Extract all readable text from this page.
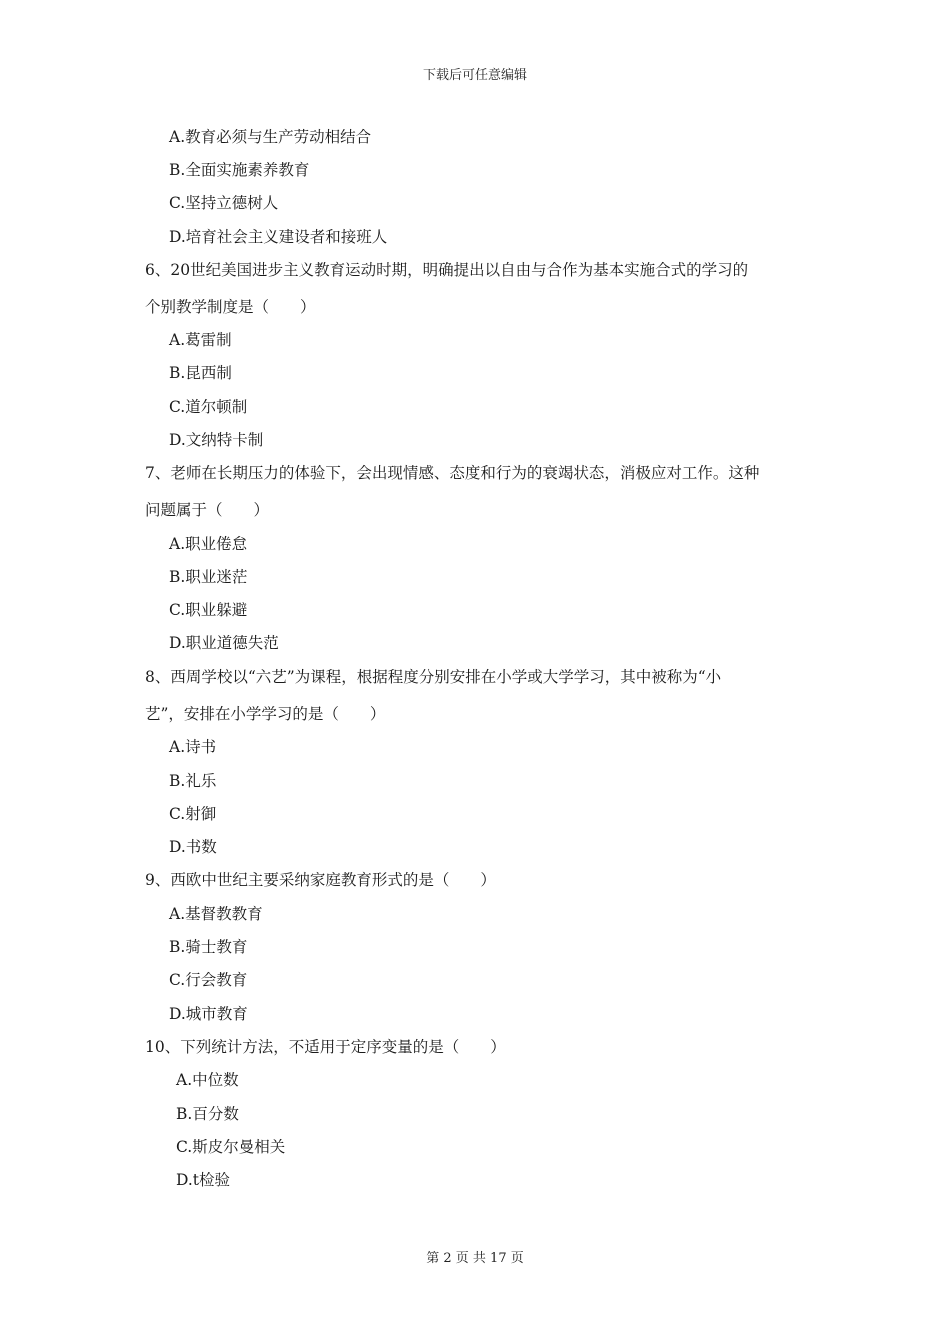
下载后可任意编辑
A.教育必须与生产劳动相结合
B.全面实施素养教育
C.坚持立德树人
D.培育社会主义建设者和接班人
6、20世纪美国进步主义教育运动时期，明确提出以自由与合作为基本实施合式的学习的
个别教学制度是（　　）
A.葛雷制
B.昆西制
C.道尔顿制
D.文纳特卡制
7、老师在长期压力的体验下，会出现情感、态度和行为的衰竭状态，消极应对工作。这种
问题属于（　　）
A.职业倦怠
B.职业迷茫
C.职业躲避
D.职业道德失范
8、西周学校以“六艺”为课程，根据程度分别安排在小学或大学学习，其中被称为“小
艺”，安排在小学学习的是（　　）
A.诗书
B.礼乐
C.射御
D.书数
9、西欧中世纪主要采纳家庭教育形式的是（　　）
A.基督教教育
B.骑士教育
C.行会教育
D.城市教育
10、下列统计方法，不适用于定序变量的是（　　）
A.中位数
B.百分数
C.斯皮尔曼相关
D.t检验
第 2 页 共 17 页
